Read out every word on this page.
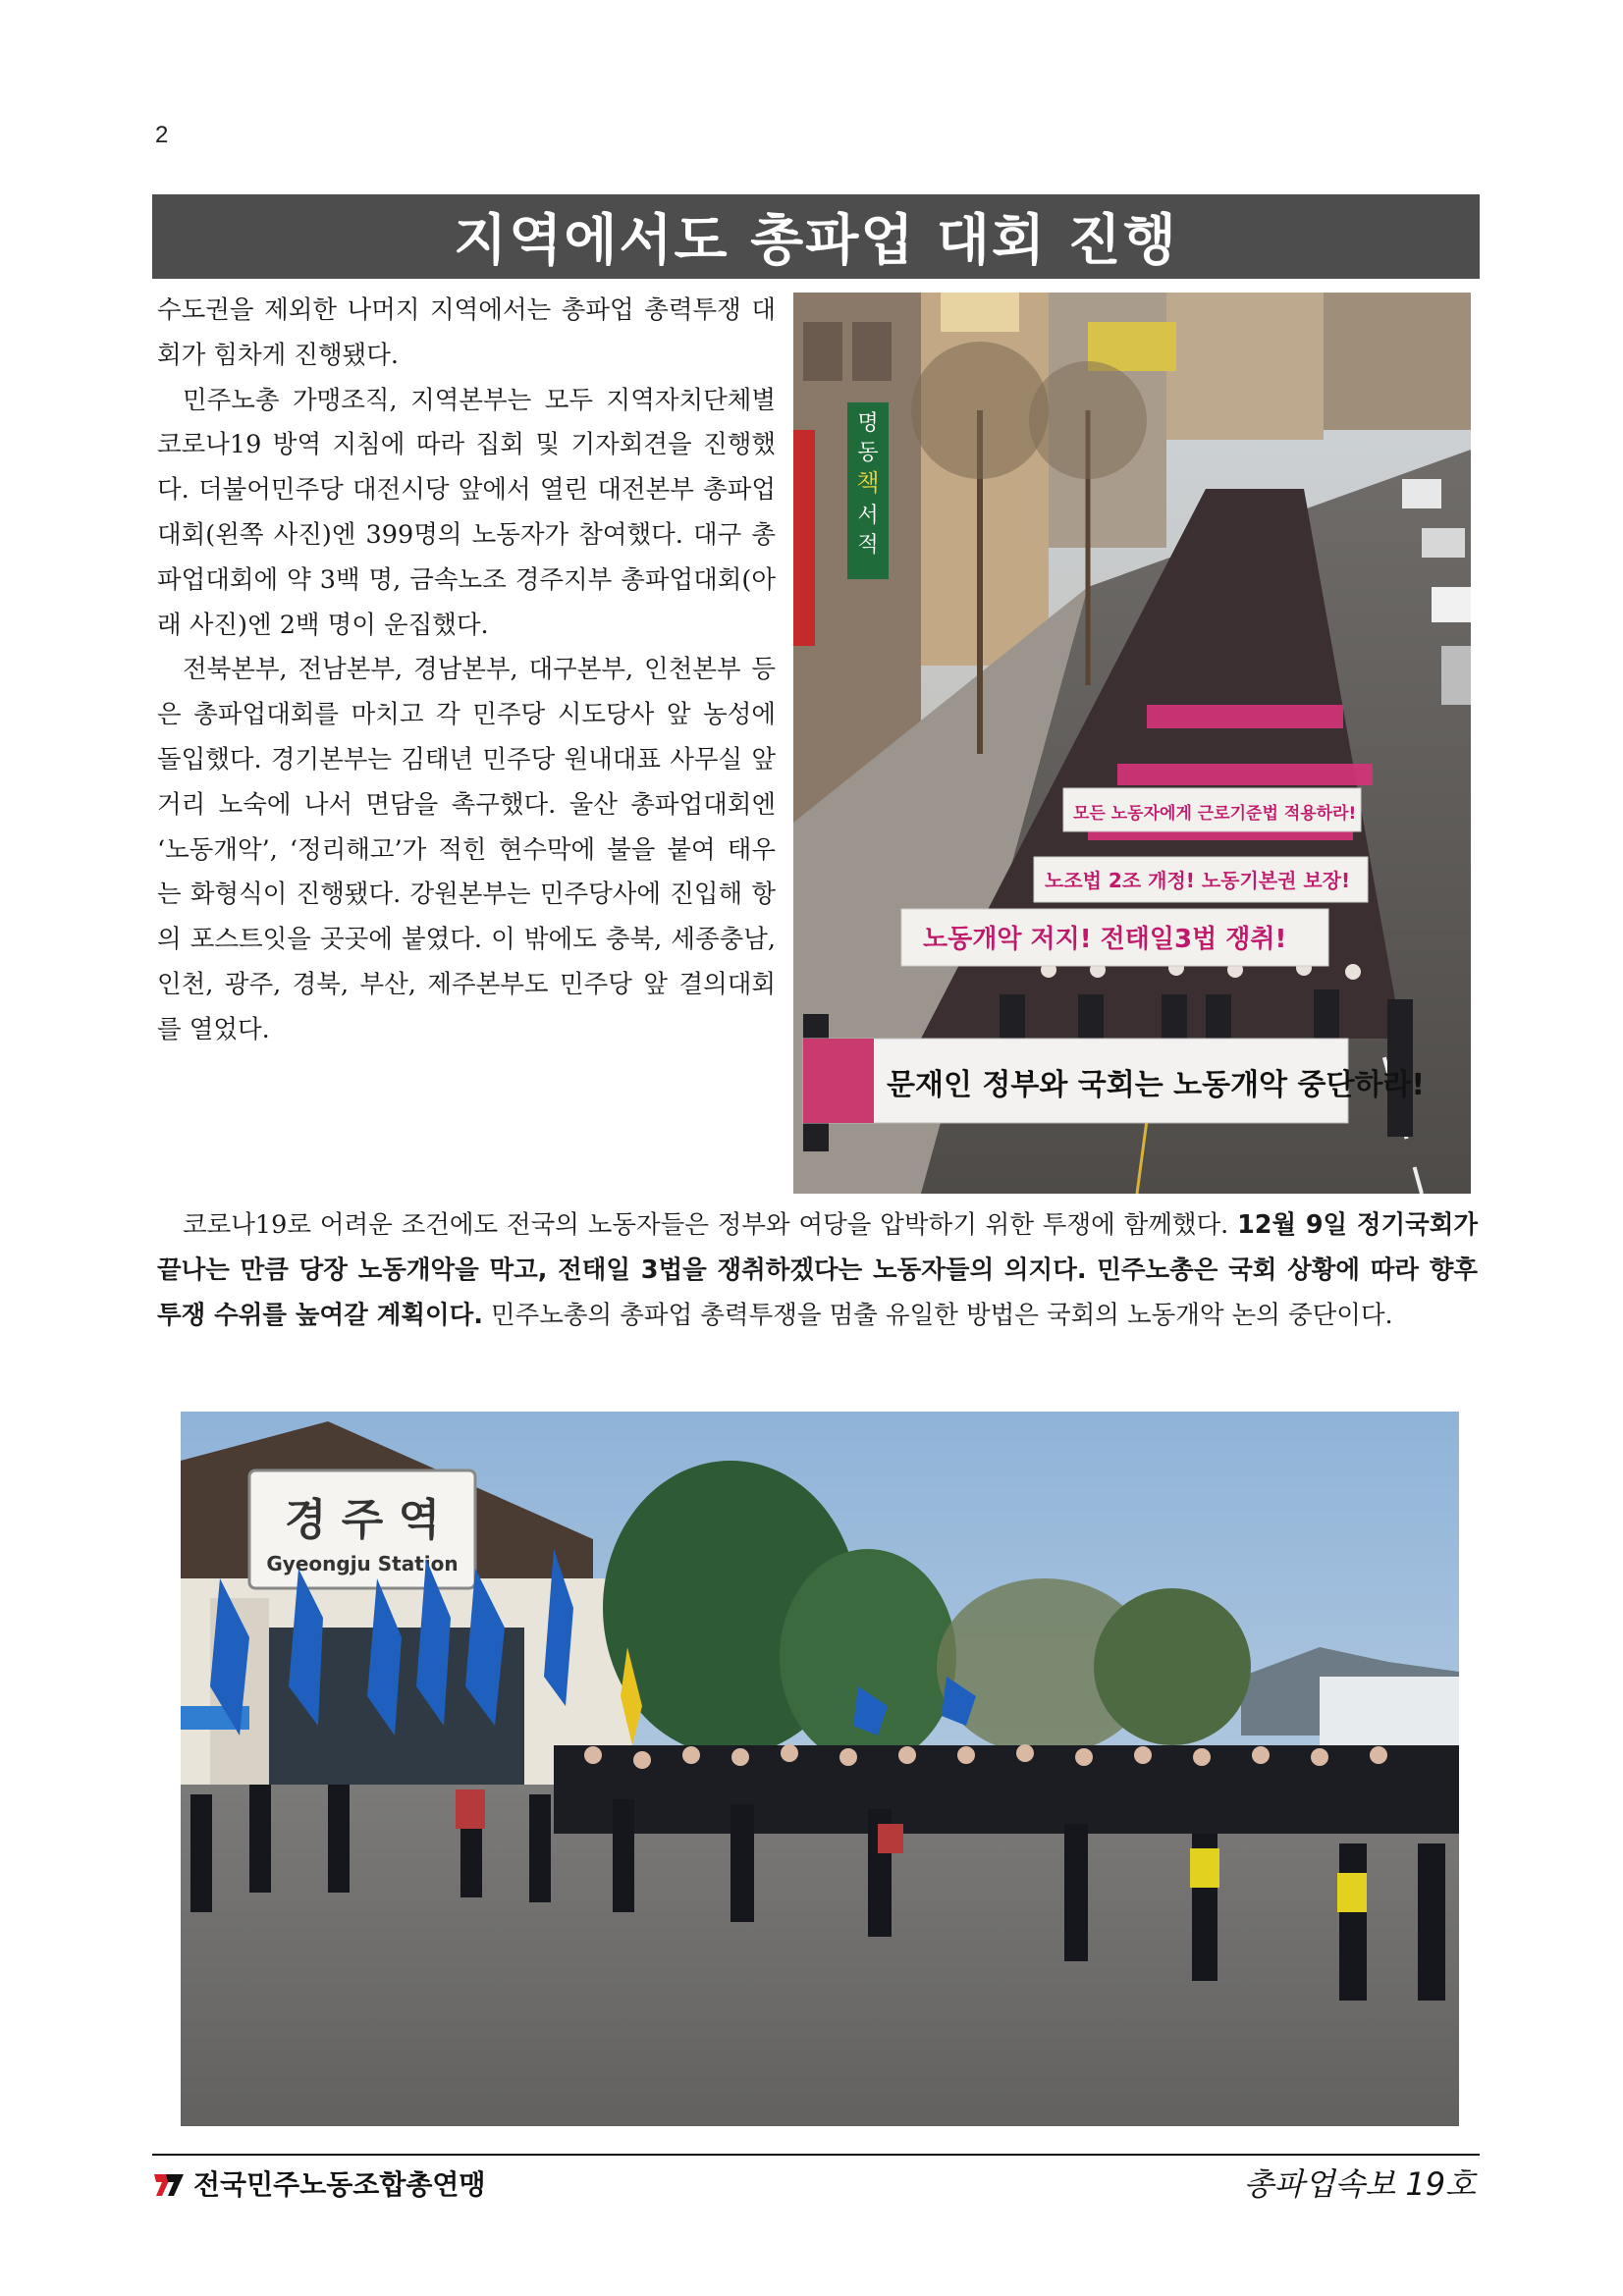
2
지역에서도 총파업 대회 진행

수도권을 제외한 나머지 지역에서는 총파업 총력투쟁 대회가 힘차게 진행됐다.

민주노총 가맹조직, 지역본부는 모두 지역자치단체별 코로나19 방역 지침에 따라 집회 및 기자회견을 진행했다. 더불어민주당 대전시당 앞에서 열린 대전본부 총파업대회(왼쪽 사진)엔 399명의 노동자가 참여했다. 대구 총파업대회에 약 3백 명, 금속노조 경주지부 총파업대회(아래 사진)엔 2백 명이 운집했다.

전북본부, 전남본부, 경남본부, 대구본부, 인천본부 등은 총파업대회를 마치고 각 민주당 시도당사 앞 농성에 돌입했다. 경기본부는 김태년 민주당 원내대표 사무실 앞 거리 노숙에 나서 면담을 촉구했다. 울산 총파업대회엔 ‘노동개악’, ‘정리해고’가 적힌 현수막에 불을 붙여 태우는 화형식이 진행됐다. 강원본부는 민주당사에 진입해 항의 포스트잇을 곳곳에 붙였다. 이 밖에도 충북, 세종충남, 인천, 광주, 경북, 부산, 제주본부도 민주당 앞 결의대회를 열었다.

명
동
책
서
적
모든 노동자에게 근로기준법 적용하라!
노조법 2조 개정! 노동기본권 보장!
노동개악 저지! 전태일3법 쟁취!
문재인 정부와 국회는 노동개악 중단하라!
코로나19로 어려운 조건에도 전국의 노동자들은 정부와 여당을 압박하기 위한 투쟁에 함께했다. 12월 9일 정기국회가 끝나는 만큼 당장 노동개악을 막고, 전태일 3법을 쟁취하겠다는 노동자들의 의지다. 민주노총은 국회 상황에 따라 향후 투쟁 수위를 높여갈 계획이다. 민주노총의 총파업 총력투쟁을 멈출 유일한 방법은 국회의 노동개악 논의 중단이다.
경 주 역
Gyeongju Station
전국민주노동조합총연맹	총파업속보 19호
